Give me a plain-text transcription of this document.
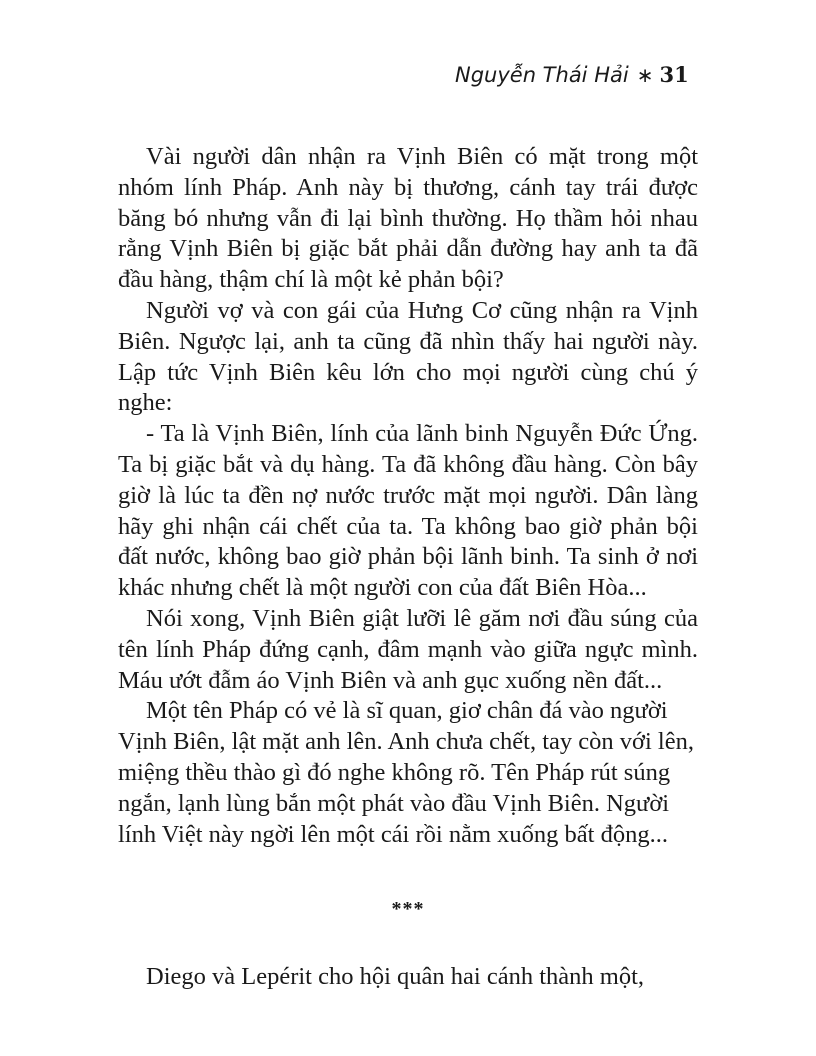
Nguyễn Thái Hải ∗ 31

Vài người dân nhận ra Vịnh Biên có mặt trong một nhóm lính Pháp. Anh này bị thương, cánh tay trái được băng bó nhưng vẫn đi lại bình thường. Họ thầm hỏi nhau rằng Vịnh Biên bị giặc bắt phải dẫn đường hay anh ta đã đầu hàng, thậm chí là một kẻ phản bội?

Người vợ và con gái của Hưng Cơ cũng nhận ra Vịnh Biên. Ngược lại, anh ta cũng đã nhìn thấy hai người này. Lập tức Vịnh Biên kêu lớn cho mọi người cùng chú ý nghe:

- Ta là Vịnh Biên, lính của lãnh binh Nguyễn Đức Ứng. Ta bị giặc bắt và dụ hàng. Ta đã không đầu hàng. Còn bây giờ là lúc ta đền nợ nước trước mặt mọi người. Dân làng hãy ghi nhận cái chết của ta. Ta không bao giờ phản bội đất nước, không bao giờ phản bội lãnh binh. Ta sinh ở nơi khác nhưng chết là một người con của đất Biên Hòa...

Nói xong, Vịnh Biên giật lưỡi lê găm nơi đầu súng của tên lính Pháp đứng cạnh, đâm mạnh vào giữa ngực mình. Máu ướt đẫm áo Vịnh Biên và anh gục xuống nền đất...

Một tên Pháp có vẻ là sĩ quan, giơ chân đá vào người Vịnh Biên, lật mặt anh lên. Anh chưa chết, tay còn với lên, miệng thều thào gì đó nghe không rõ. Tên Pháp rút súng ngắn, lạnh lùng bắn một phát vào đầu Vịnh Biên. Người lính Việt này ngời lên một cái rồi nằm xuống bất động...

***

Diego và Lepérit cho hội quân hai cánh thành một,
